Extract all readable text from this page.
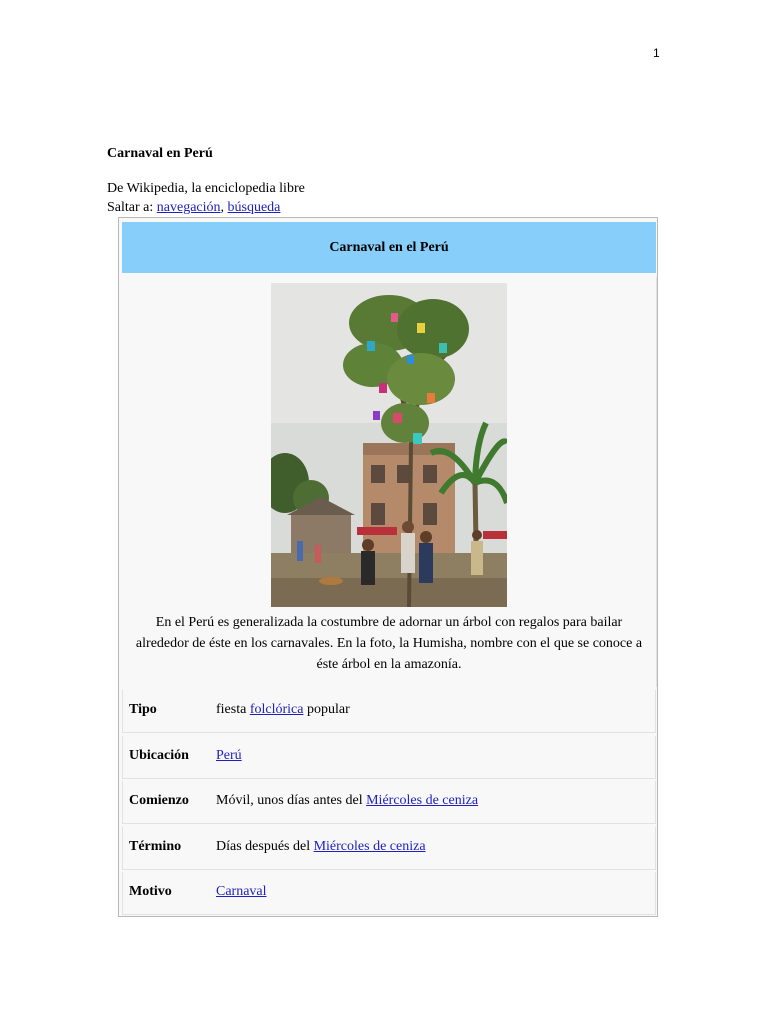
1
Carnaval en Perú
De Wikipedia, la enciclopedia libre
Saltar a: navegación, búsqueda
Carnaval en el Perú
En el Perú es generalizada la costumbre de adornar un árbol con regalos para bailar alrededor de éste en los carnavales. En la foto, la Humisha, nombre con el que se conoce a éste árbol en la amazonía.
Tipo	fiesta folclórica popular
Ubicación Perú
Comienzo Móvil, unos días antes del Miércoles de ceniza
Término Días después del Miércoles de ceniza
Motivo	Carnaval
